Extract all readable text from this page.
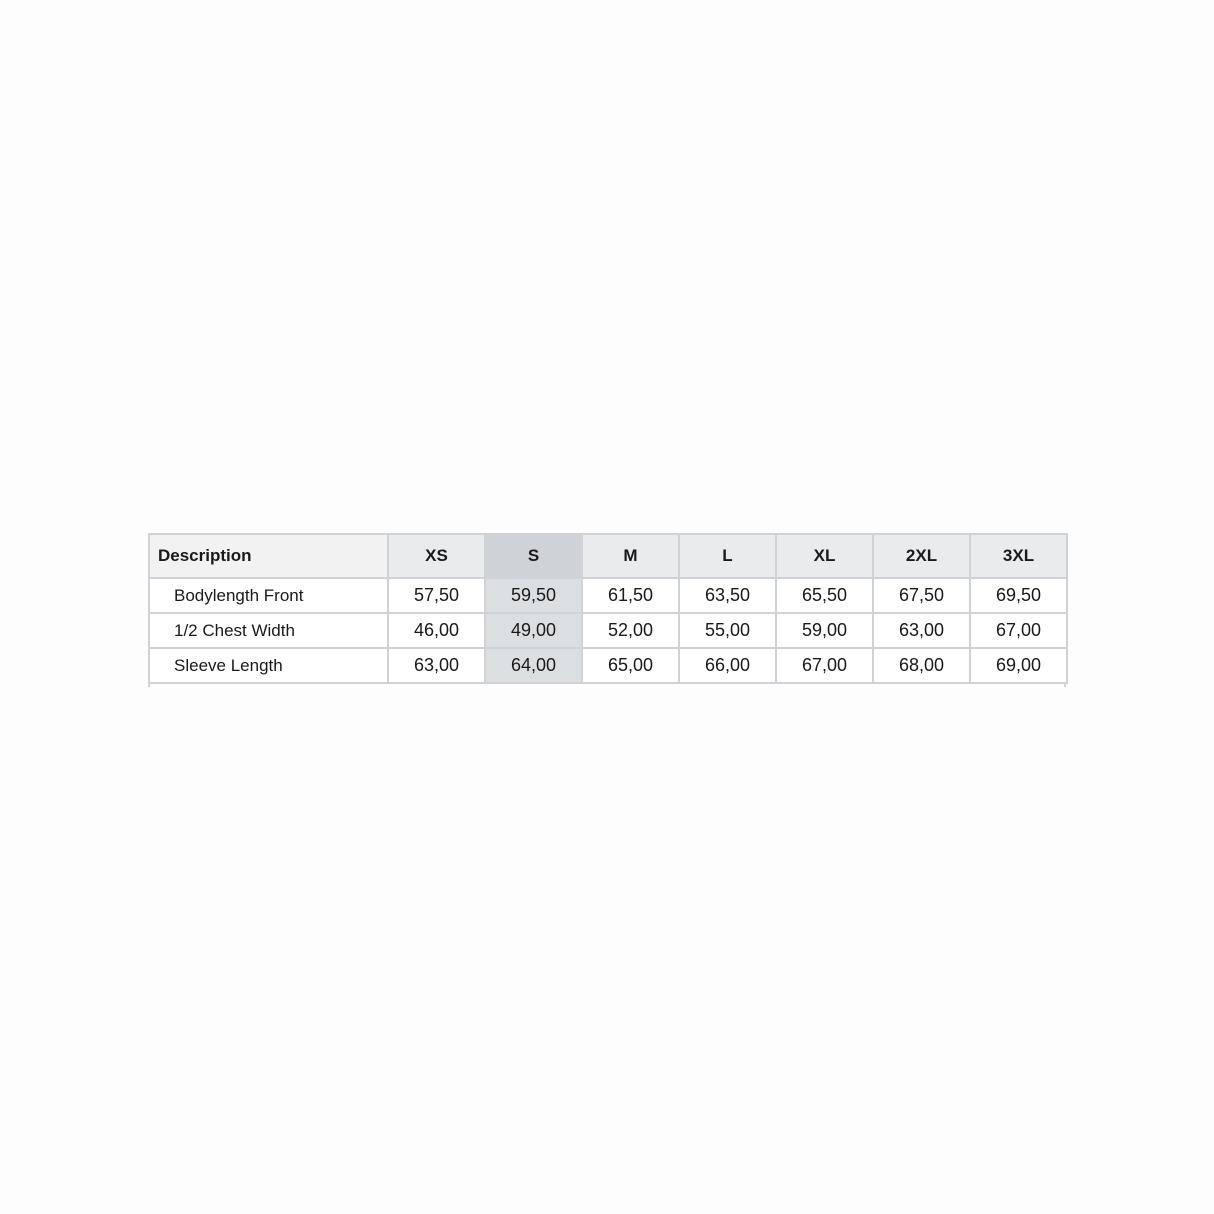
Description	XS	S	M	L	XL	2XL	3XL
Bodylength Front	57,50	59,50	61,50	63,50	65,50	67,50	69,50
1/2 Chest Width	46,00	49,00	52,00	55,00	59,00	63,00	67,00
Sleeve Length	63,00	64,00	65,00	66,00	67,00	68,00	69,00
